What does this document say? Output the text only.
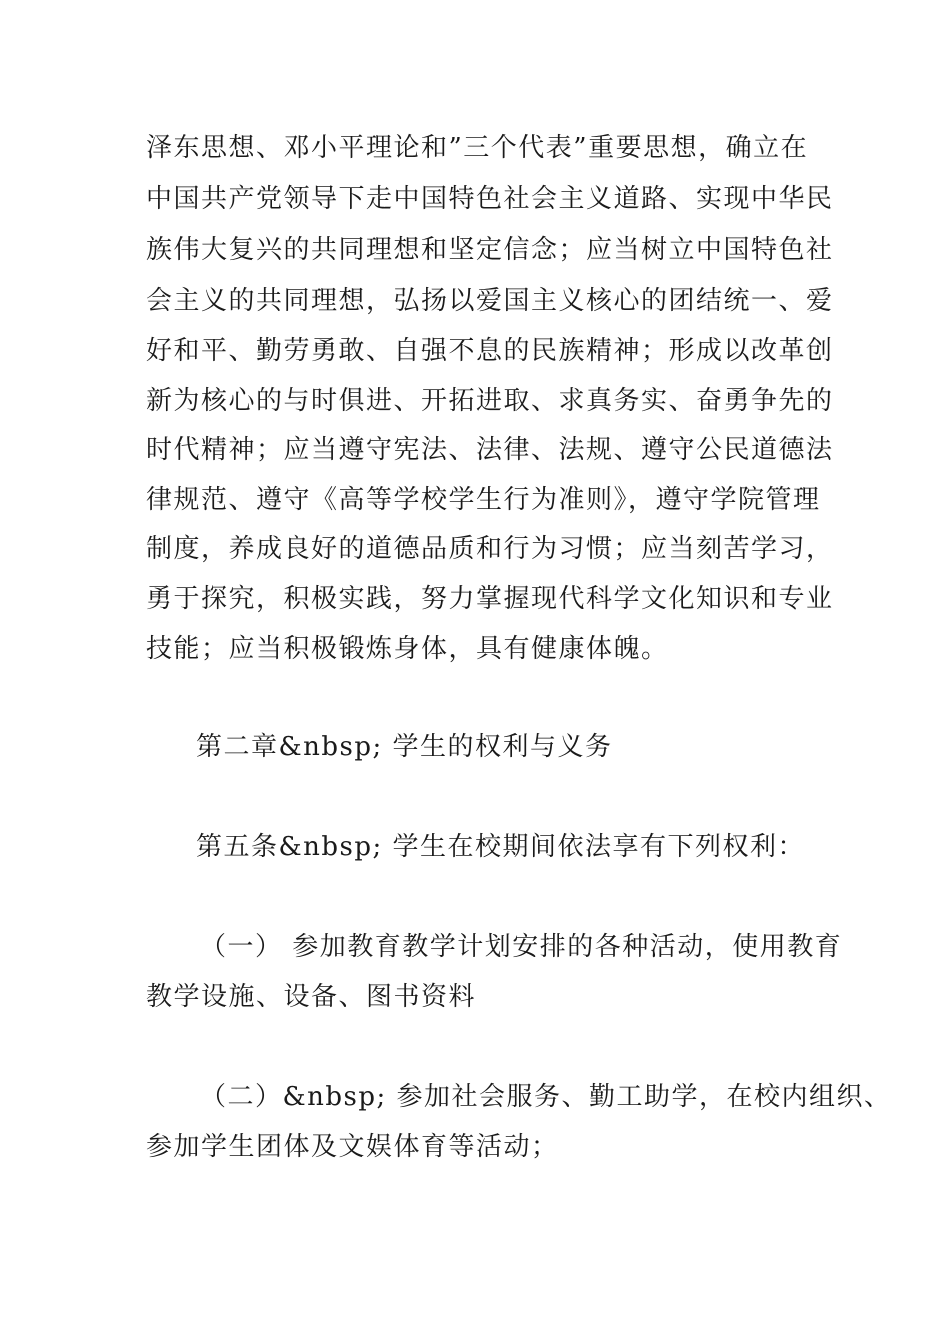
泽东思想、邓小平理论和”三个代表”重要思想，确立在
中国共产党领导下走中国特色社会主义道路、实现中华民
族伟大复兴的共同理想和坚定信念；应当树立中国特色社
会主义的共同理想，弘扬以爱国主义核心的团结统一、爱
好和平、勤劳勇敢、自强不息的民族精神；形成以改革创
新为核心的与时俱进、开拓进取、求真务实、奋勇争先的
时代精神；应当遵守宪法、法律、法规、遵守公民道德法
律规范、遵守《高等学校学生行为准则》，遵守学院管理
制度，养成良好的道德品质和行为习惯；应当刻苦学习，
勇于探究，积极实践，努力掌握现代科学文化知识和专业
技能；应当积极锻炼身体，具有健康体魄。
第二章&nbsp; 学生的权利与义务
第五条&nbsp; 学生在校期间依法享有下列权利：
（一） 参加教育教学计划安排的各种活动，使用教育
教学设施、设备、图书资料
（二）&nbsp; 参加社会服务、勤工助学，在校内组织、
参加学生团体及文娱体育等活动；
